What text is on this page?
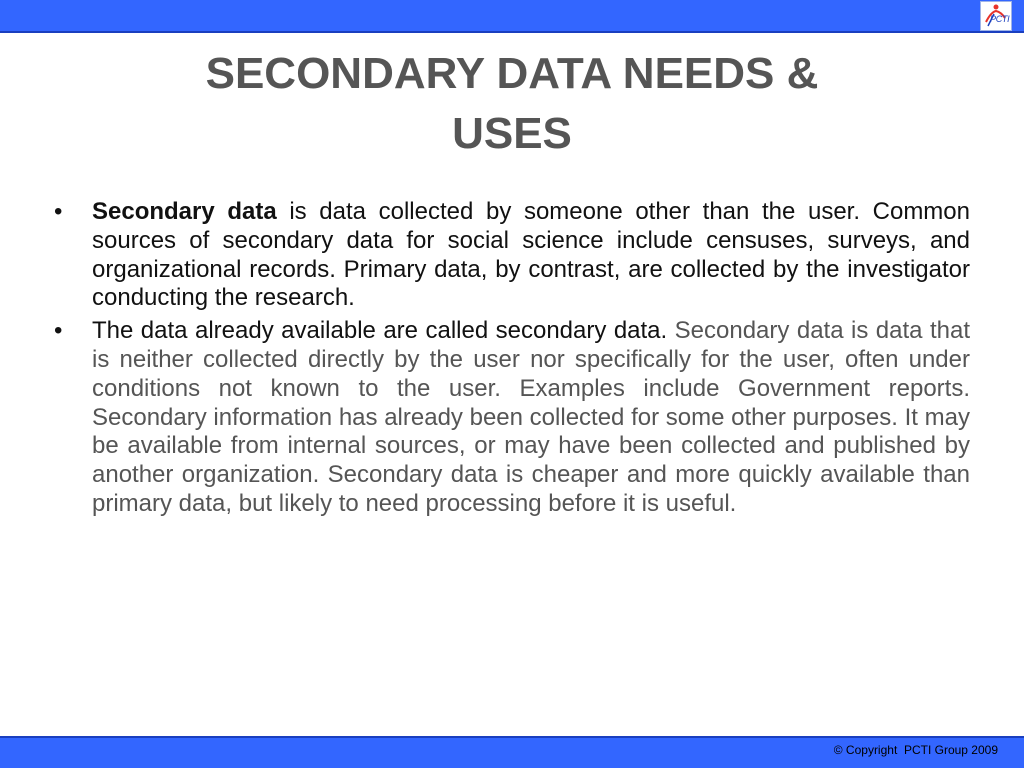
PCTI
SECONDARY DATA NEEDS &
USES
• Secondary data is data collected by someone other than the user. Common sources of secondary data for social science include censuses, surveys, and organizational records. Primary data, by contrast, are collected by the investigator conducting the research.
• The data already available are called secondary data. Secondary data is data that is neither collected directly by the user nor specifically for the user, often under conditions not known to the user. Examples include Government reports. Secondary information has already been collected for some other purposes. It may be available from internal sources, or may have been collected and published by another organization. Secondary data is cheaper and more quickly available than primary data, but likely to need processing before it is useful.
© Copyright  PCTI Group 2009
